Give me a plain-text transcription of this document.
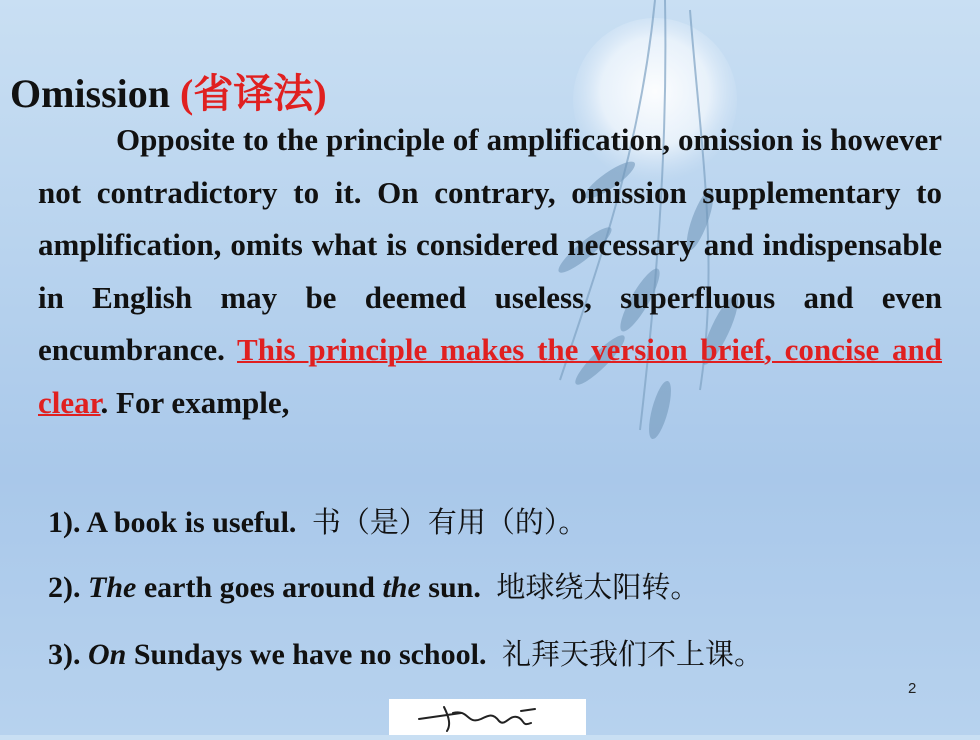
Omission (省译法)

Opposite to the principle of amplification, omission is however not contradictory to it. On contrary, omission supplementary to amplification, omits what is considered necessary and indispensable in English may be deemed useless, superfluous and even encumbrance. This principle makes the version brief, concise and clear. For example,

1). A book is useful. 书（是）有用（的）。
2). The earth goes around the sun. 地球绕太阳转。
3). On Sundays we have no school. 礼拜天我们不上课。
2
